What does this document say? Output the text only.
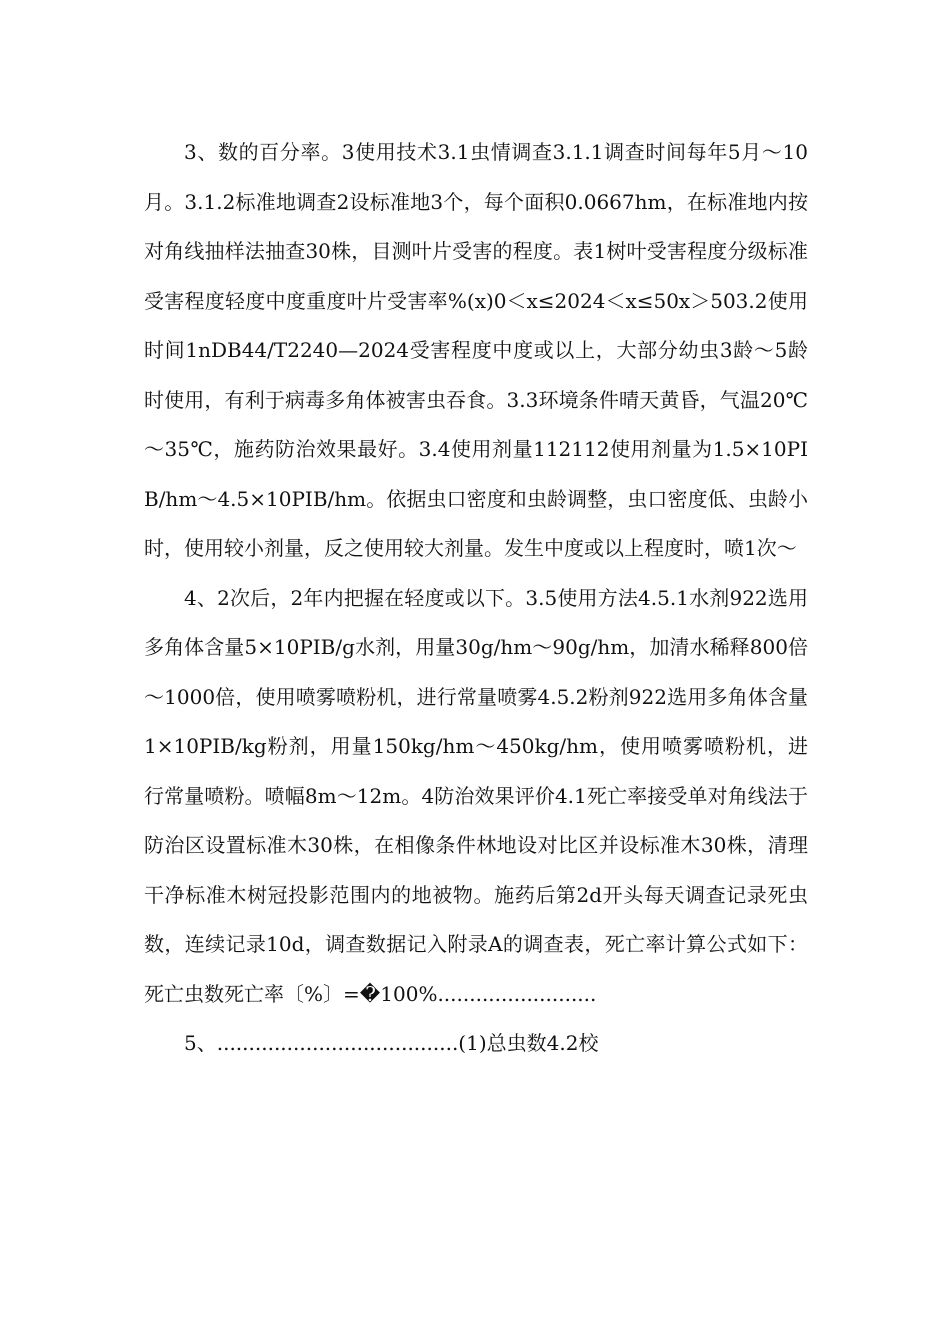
3、数的百分率。3使用技术3.1虫情调查3.1.1调查时间每年5月～10月。3.1.2标准地调查2设标准地3个，每个面积0.0667hm，在标准地内按对角线抽样法抽查30株，目测叶片受害的程度。表1树叶受害程度分级标准受害程度轻度中度重度叶片受害率%(x)0＜x≤2024＜x≤50x＞503.2使用时间1nDB44/T2240—2024受害程度中度或以上，大部分幼虫3龄～5龄时使用，有利于病毒多角体被害虫吞食。3.3环境条件晴天黄昏，气温20℃～35℃，施药防治效果最好。3.4使用剂量112112使用剂量为1.5×10PIB/hm～4.5×10PIB/hm。依据虫口密度和虫龄调整，虫口密度低、虫龄小时，使用较小剂量，反之使用较大剂量。发生中度或以上程度时，喷1次～

4、2次后，2年内把握在轻度或以下。3.5使用方法4.5.1水剂922选用多角体含量5×10PIB/g水剂，用量30g/hm～90g/hm，加清水稀释800倍～1000倍，使用喷雾喷粉机，进行常量喷雾4.5.2粉剂922选用多角体含量1×10PIB/kg粉剂，用量150kg/hm～450kg/hm，使用喷雾喷粉机，进行常量喷粉。喷幅8m～12m。4防治效果评价4.1死亡率接受单对角线法于防治区设置标准木30株，在相像条件林地设对比区并设标准木30株，清理干净标准木树冠投影范围内的地被物。施药后第2d开头每天调查记录死虫数，连续记录10d，调查数据记入附录A的调查表，死亡率计算公式如下：死亡虫数死亡率〔%〕=�100%.........................

5、......................................(1)总虫数4.2校
